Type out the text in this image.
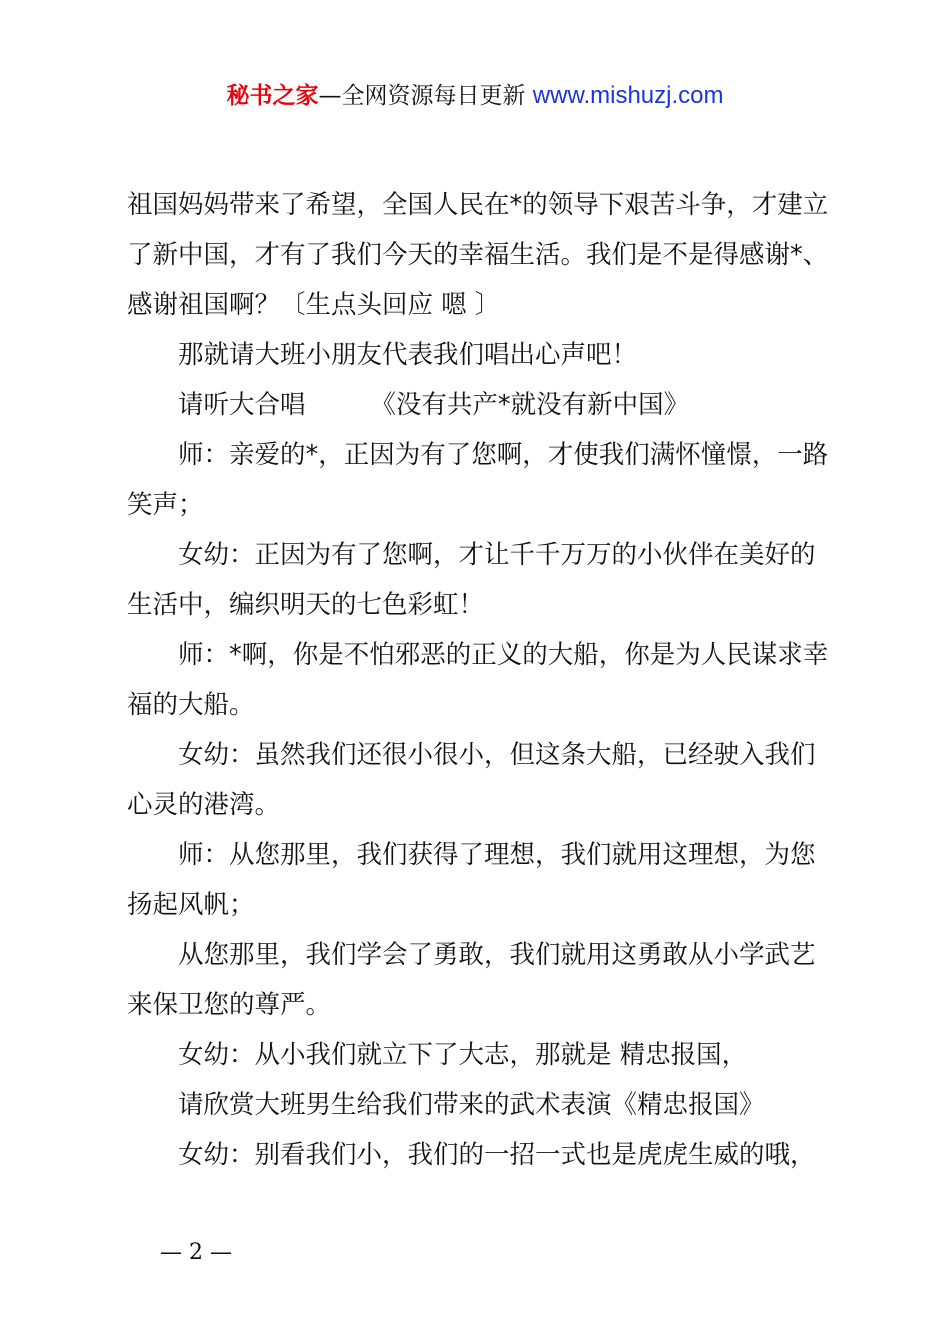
秘书之家—全网资源每日更新 www.mishuzj.com

祖国妈妈带来了希望，全国人民在*的领导下艰苦斗争，才建立

了新中国，才有了我们今天的幸福生活。我们是不是得感谢*、

感谢祖国啊？〔生点头回应 嗯 〕

那就请大班小朋友代表我们唱出心声吧！

请听大合唱        《没有共产*就没有新中国》

师：亲爱的*，正因为有了您啊，才使我们满怀憧憬，一路

笑声；

女幼：正因为有了您啊，才让千千万万的小伙伴在美好的

生活中，编织明天的七色彩虹！

师：*啊，你是不怕邪恶的正义的大船，你是为人民谋求幸

福的大船。

女幼：虽然我们还很小很小，但这条大船，已经驶入我们

心灵的港湾。

师：从您那里，我们获得了理想，我们就用这理想，为您

扬起风帆；

从您那里，我们学会了勇敢，我们就用这勇敢从小学武艺

来保卫您的尊严。

女幼：从小我们就立下了大志，那就是 精忠报国，

请欣赏大班男生给我们带来的武术表演《精忠报国》

女幼：别看我们小，我们的一招一式也是虎虎生威的哦，

— 2 —
